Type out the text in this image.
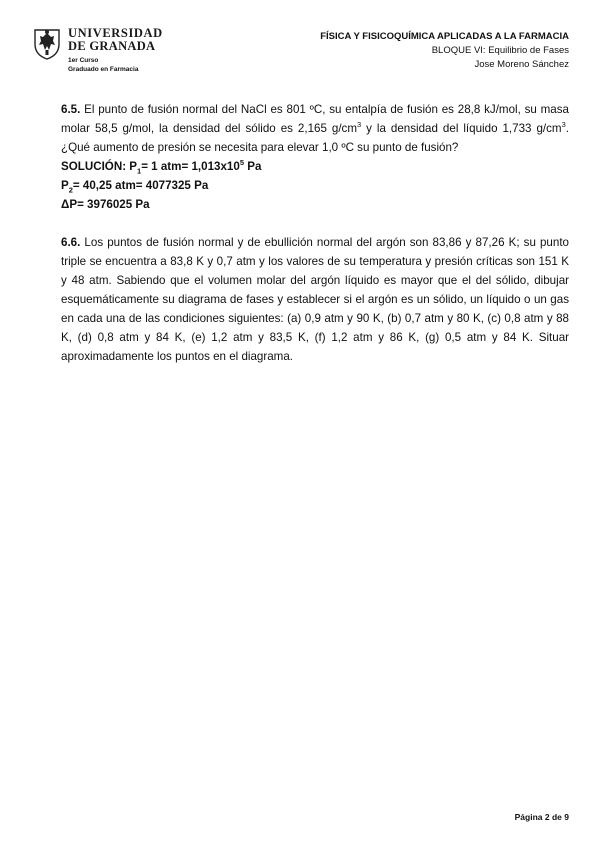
UNIVERSIDAD
DE GRANADA
1er Curso
Graduado en Farmacia
FÍSICA Y FISICOQUÍMICA APLICADAS A LA FARMACIA
BLOQUE VI: Equilibrio de Fases
Jose Moreno Sánchez

6.5. El punto de fusión normal del NaCl es 801 ºC, su entalpía de fusión es 28,8 kJ/mol, su masa molar 58,5 g/mol, la densidad del sólido es 2,165 $g/cm^3$ y la densidad del líquido 1,733 $g/cm^3$. ¿Qué aumento de presión se necesita para elevar 1,0 ºC su punto de fusión?

SOLUCIÓN: $P_1= 1$ $atm= 1,013x10^5$ Pa

$P_2= 40,25$ atm= 4077325 Pa

ΔP= 3976025 Pa

6.6. Los puntos de fusión normal y de ebullición normal del argón son 83,86 y 87,26 K; su punto triple se encuentra a 83,8 K y 0,7 atm y los valores de su temperatura y presión críticas son 151 K y 48 atm. Sabiendo que el volumen molar del argón líquido es mayor que el del sólido, dibujar esquemáticamente su diagrama de fases y establecer si el argón es un sólido, un líquido o un gas en cada una de las condiciones siguientes: (a) 0,9 atm y 90 K, (b) 0,7 atm y 80 K, (c) 0,8 atm y 88 K, (d) 0,8 atm y 84 K, (e) 1,2 atm y 83,5 K, (f) 1,2 atm y 86 K, (g) 0,5 atm y 84 K. Situar aproximadamente los puntos en el diagrama.

Página 2 de 9
